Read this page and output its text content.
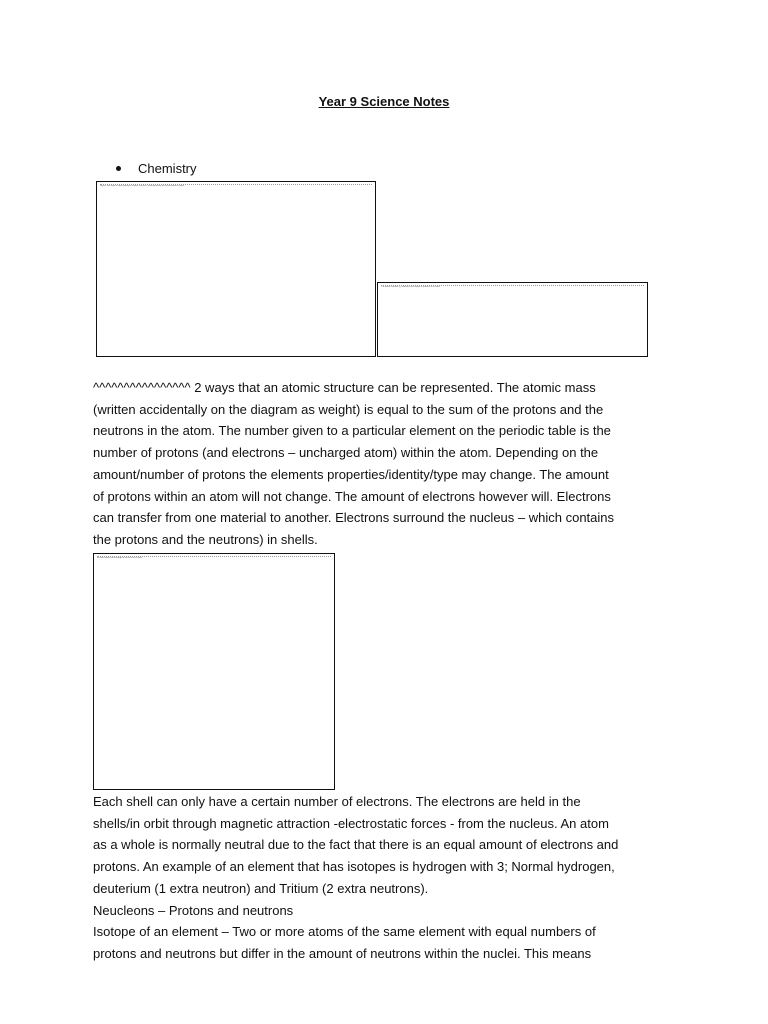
Year 9 Science Notes
Chemistry
Figure: two ways of representing an atomic structure, showing atomic mass and atomic number
The atomic number (Z) indicates the number of protons in an atom
^^^^^^^^^^^^^^^^ 2 ways that an atomic structure can be represented. The atomic mass
(written accidentally on the diagram as weight) is equal to the sum of the protons and the
neutrons in the atom. The number given to a particular element on the periodic table is the
number of protons (and electrons – uncharged atom) within the atom. Depending on the
amount/number of protons the elements properties/identity/type may change. The amount
of protons within an atom will not change. The amount of electrons however will. Electrons
can transfer from one material to another. Electrons surround the nucleus – which contains
the protons and the neutrons) in shells.
Electron shells surrounding the nucleus of an atom
Each shell can only have a certain number of electrons. The electrons are held in the
shells/in orbit through magnetic attraction -electrostatic forces - from the nucleus. An atom
as a whole is normally neutral due to the fact that there is an equal amount of electrons and
protons. An example of an element that has isotopes is hydrogen with 3; Normal hydrogen,
deuterium (1 extra neutron) and Tritium (2 extra neutrons).
Neucleons – Protons and neutrons
Isotope of an element – Two or more atoms of the same element with equal numbers of
protons and neutrons but differ in the amount of neutrons within the nuclei. This means
